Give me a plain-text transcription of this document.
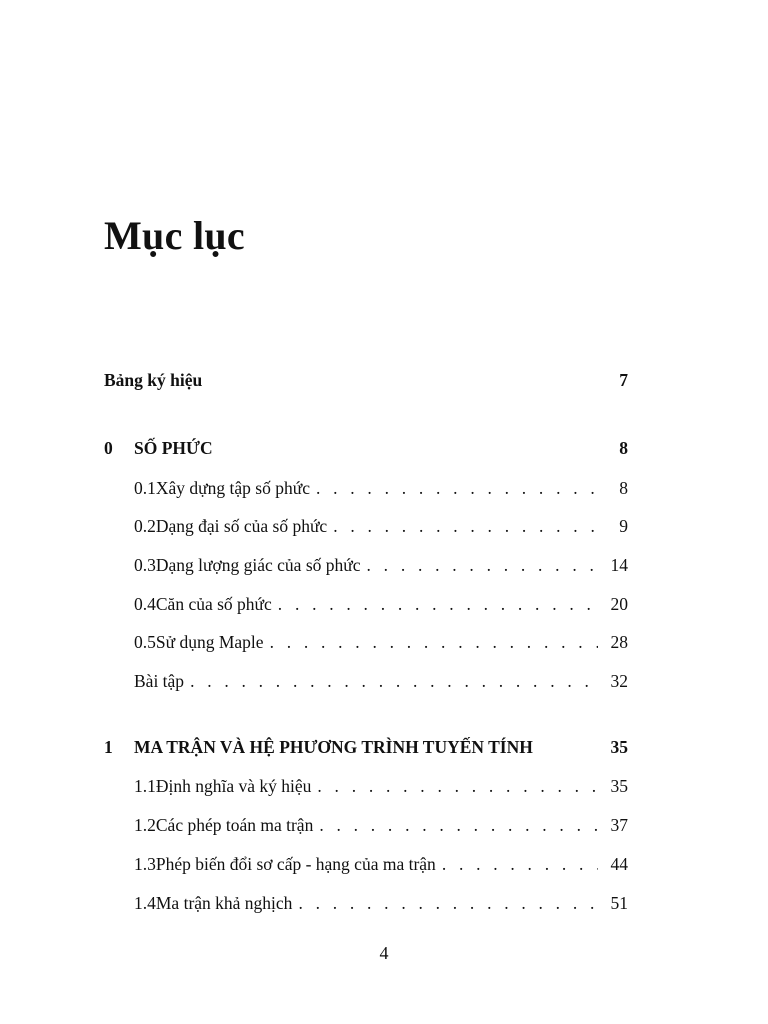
Mục lục
Bảng ký hiệu	7
0	SỐ PHỨC	8
0.1 Xây dựng tập số phức . . .	8
0.2 Dạng đại số của số phức . . .	9
0.3 Dạng lượng giác của số phức . . .	14
0.4 Căn của số phức . . .	20
0.5 Sử dụng Maple . . .	28
Bài tập . . .	32
1	MA TRẬN VÀ HỆ PHƯƠNG TRÌNH TUYẾN TÍNH	35
1.1 Định nghĩa và ký hiệu . . .	35
1.2 Các phép toán ma trận . . .	37
1.3 Phép biến đổi sơ cấp - hạng của ma trận . . .	44
1.4 Ma trận khả nghịch . . .	51
4
